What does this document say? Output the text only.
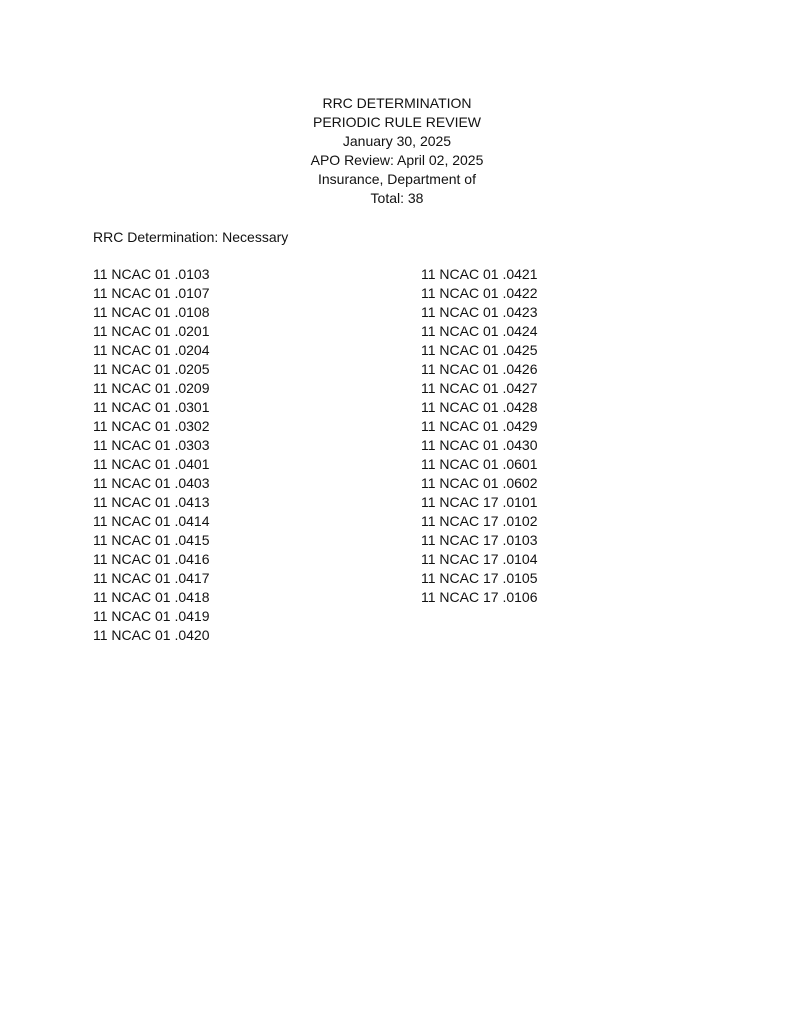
RRC DETERMINATION
PERIODIC RULE REVIEW
January 30, 2025
APO Review: April 02, 2025
Insurance, Department of
Total: 38
RRC Determination: Necessary
11 NCAC 01 .0103
11 NCAC 01 .0107
11 NCAC 01 .0108
11 NCAC 01 .0201
11 NCAC 01 .0204
11 NCAC 01 .0205
11 NCAC 01 .0209
11 NCAC 01 .0301
11 NCAC 01 .0302
11 NCAC 01 .0303
11 NCAC 01 .0401
11 NCAC 01 .0403
11 NCAC 01 .0413
11 NCAC 01 .0414
11 NCAC 01 .0415
11 NCAC 01 .0416
11 NCAC 01 .0417
11 NCAC 01 .0418
11 NCAC 01 .0419
11 NCAC 01 .0420
11 NCAC 01 .0421
11 NCAC 01 .0422
11 NCAC 01 .0423
11 NCAC 01 .0424
11 NCAC 01 .0425
11 NCAC 01 .0426
11 NCAC 01 .0427
11 NCAC 01 .0428
11 NCAC 01 .0429
11 NCAC 01 .0430
11 NCAC 01 .0601
11 NCAC 01 .0602
11 NCAC 17 .0101
11 NCAC 17 .0102
11 NCAC 17 .0103
11 NCAC 17 .0104
11 NCAC 17 .0105
11 NCAC 17 .0106
